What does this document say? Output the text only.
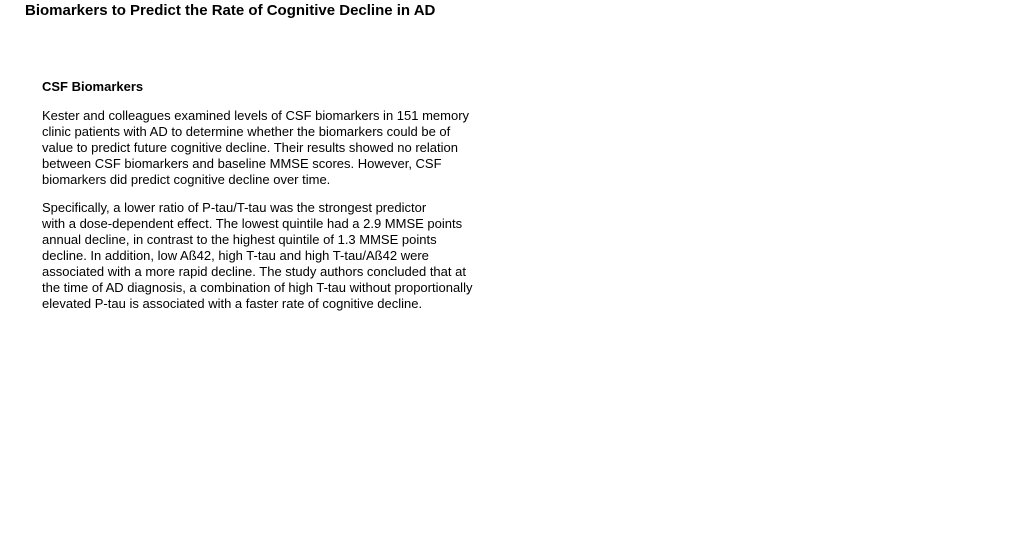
Biomarkers to Predict the Rate of Cognitive Decline in AD
CSF Biomarkers

Kester and colleagues examined levels of CSF biomarkers in 151 memory
clinic patients with AD to determine whether the biomarkers could be of
value to predict future cognitive decline. Their results showed no relation
between CSF biomarkers and baseline MMSE scores. However, CSF
biomarkers did predict cognitive decline over time.

Specifically, a lower ratio of P-tau/T-tau was the strongest predictor
with a dose-dependent effect. The lowest quintile had a 2.9 MMSE points
annual decline, in contrast to the highest quintile of 1.3 MMSE points
decline. In addition, low Aß42, high T-tau and high T-tau/Aß42 were
associated with a more rapid decline. The study authors concluded that at
the time of AD diagnosis, a combination of high T-tau without proportionally
elevated P-tau is associated with a faster rate of cognitive decline.
